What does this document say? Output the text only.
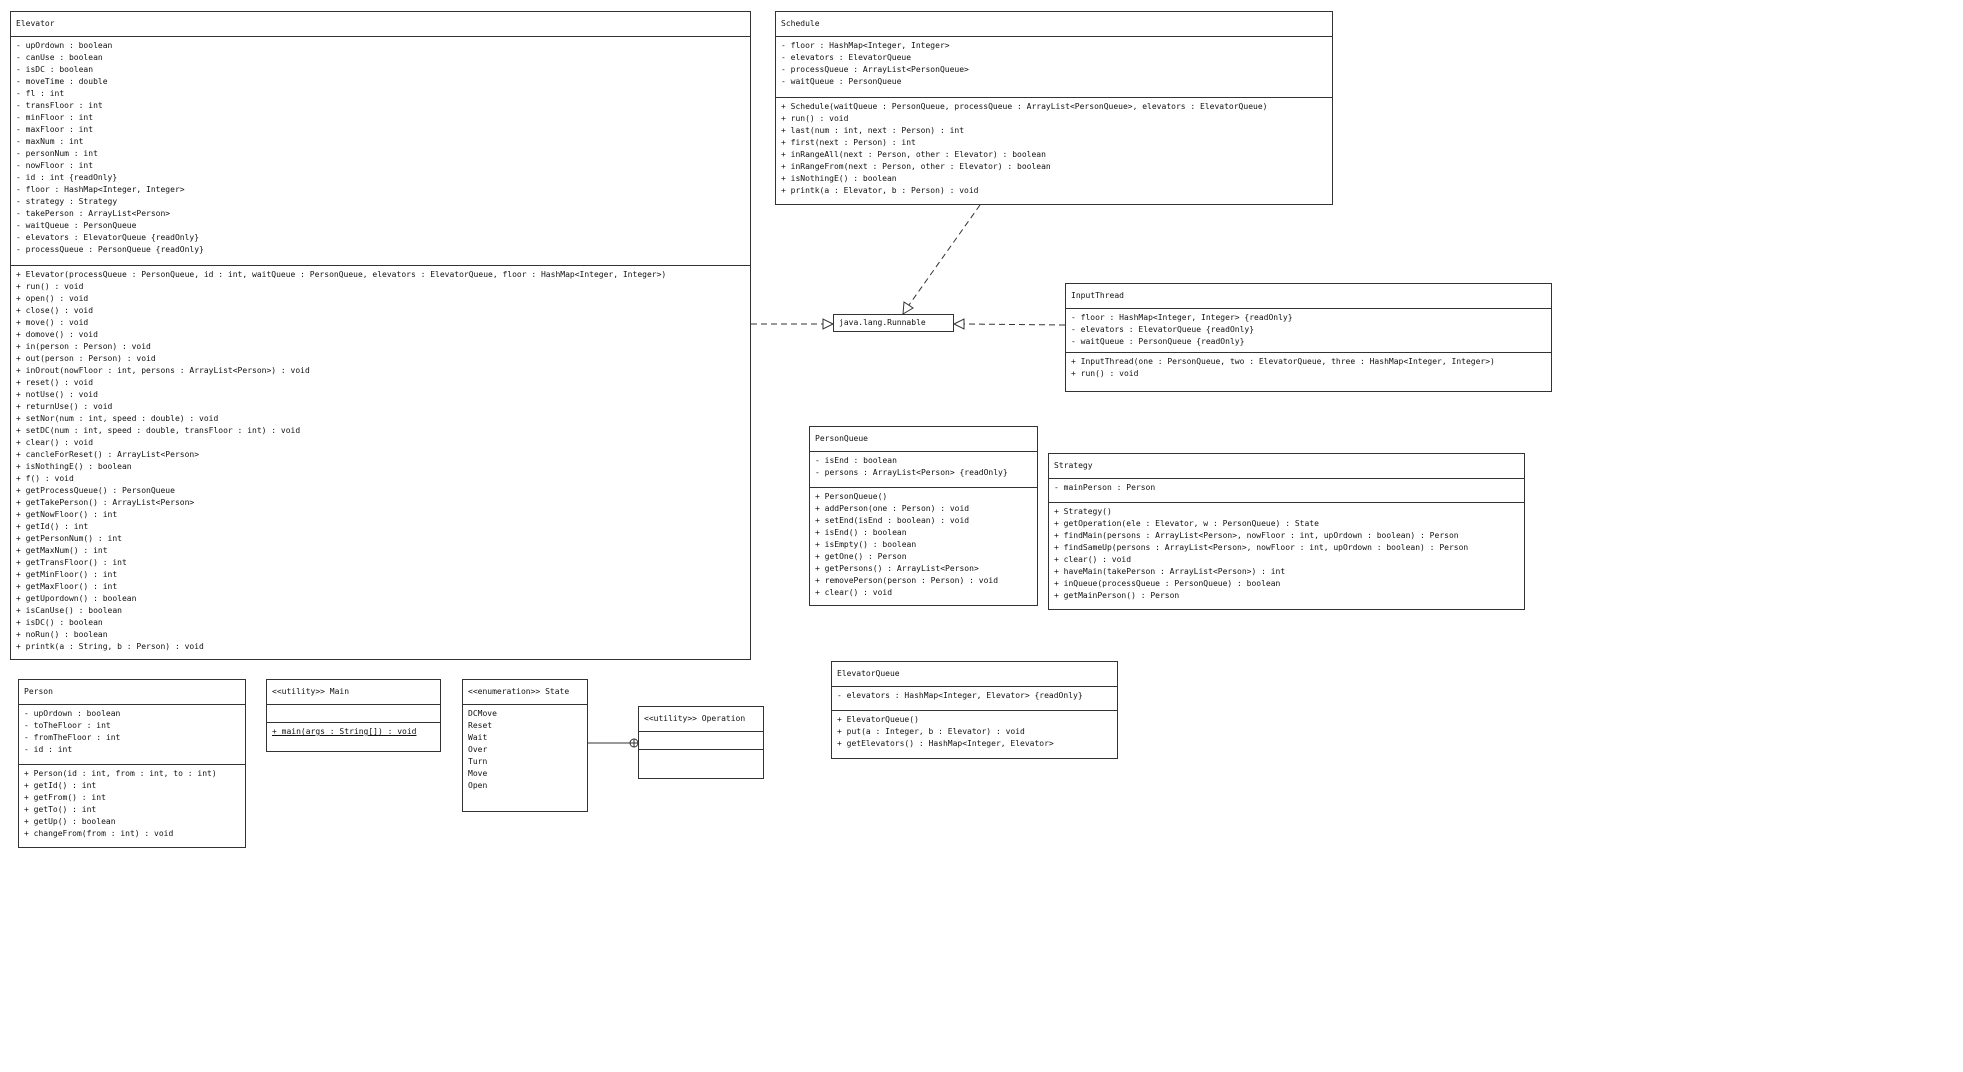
Elevator
- upOrdown : boolean
- canUse : boolean
- isDC : boolean
- moveTime : double
- fl : int
- transFloor : int
- minFloor : int
- maxFloor : int
- maxNum : int
- personNum : int
- nowFloor : int
- id : int {readOnly}
- floor : HashMap<Integer, Integer>
- strategy : Strategy
- takePerson : ArrayList<Person>
- waitQueue : PersonQueue
- elevators : ElevatorQueue {readOnly}
- processQueue : PersonQueue {readOnly}
+ Elevator(processQueue : PersonQueue, id : int, waitQueue : PersonQueue, elevators : ElevatorQueue, floor : HashMap<Integer, Integer>)
+ run() : void
+ open() : void
+ close() : void
+ move() : void
+ domove() : void
+ in(person : Person) : void
+ out(person : Person) : void
+ inOrout(nowFloor : int, persons : ArrayList<Person>) : void
+ reset() : void
+ notUse() : void
+ returnUse() : void
+ setNor(num : int, speed : double) : void
+ setDC(num : int, speed : double, transFloor : int) : void
+ clear() : void
+ cancleForReset() : ArrayList<Person>
+ isNothingE() : boolean
+ f() : void
+ getProcessQueue() : PersonQueue
+ getTakePerson() : ArrayList<Person>
+ getNowFloor() : int
+ getId() : int
+ getPersonNum() : int
+ getMaxNum() : int
+ getTransFloor() : int
+ getMinFloor() : int
+ getMaxFloor() : int
+ getUpordown() : boolean
+ isCanUse() : boolean
+ isDC() : boolean
+ noRun() : boolean
+ printk(a : String, b : Person) : void
Schedule
- floor : HashMap<Integer, Integer>
- elevators : ElevatorQueue
- processQueue : ArrayList<PersonQueue>
- waitQueue : PersonQueue
+ Schedule(waitQueue : PersonQueue, processQueue : ArrayList<PersonQueue>, elevators : ElevatorQueue)
+ run() : void
+ last(num : int, next : Person) : int
+ first(next : Person) : int
+ inRangeAll(next : Person, other : Elevator) : boolean
+ inRangeFrom(next : Person, other : Elevator) : boolean
+ isNothingE() : boolean
+ printk(a : Elevator, b : Person) : void
InputThread
- floor : HashMap<Integer, Integer> {readOnly}
- elevators : ElevatorQueue {readOnly}
- waitQueue : PersonQueue {readOnly}
+ InputThread(one : PersonQueue, two : ElevatorQueue, three : HashMap<Integer, Integer>)
+ run() : void
PersonQueue
- isEnd : boolean
- persons : ArrayList<Person> {readOnly}
+ PersonQueue()
+ addPerson(one : Person) : void
+ setEnd(isEnd : boolean) : void
+ isEnd() : boolean
+ isEmpty() : boolean
+ getOne() : Person
+ getPersons() : ArrayList<Person>
+ removePerson(person : Person) : void
+ clear() : void
Strategy
- mainPerson : Person
+ Strategy()
+ getOperation(ele : Elevator, w : PersonQueue) : State
+ findMain(persons : ArrayList<Person>, nowFloor : int, upOrdown : boolean) : Person
+ findSameUp(persons : ArrayList<Person>, nowFloor : int, upOrdown : boolean) : Person
+ clear() : void
+ haveMain(takePerson : ArrayList<Person>) : int
+ inQueue(processQueue : PersonQueue) : boolean
+ getMainPerson() : Person
Person
- upOrdown : boolean
- toTheFloor : int
- fromTheFloor : int
- id : int
+ Person(id : int, from : int, to : int)
+ getId() : int
+ getFrom() : int
+ getTo() : int
+ getUp() : boolean
+ changeFrom(from : int) : void
<<utility>> Main
+ main(args : String[]) : void
<<enumeration>> State
DCMove
Reset
Wait
Over
Turn
Move
Open
<<utility>> Operation
ElevatorQueue
- elevators : HashMap<Integer, Elevator> {readOnly}
+ ElevatorQueue()
+ put(a : Integer, b : Elevator) : void
+ getElevators() : HashMap<Integer, Elevator>
java.lang.Runnable
